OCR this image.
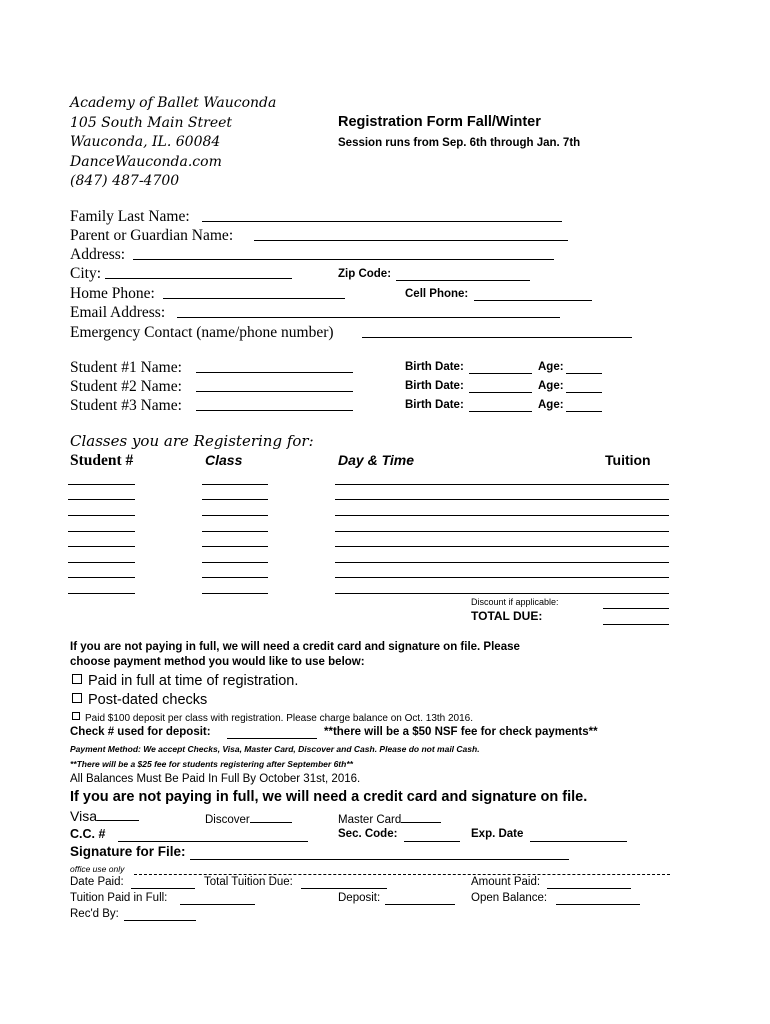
Academy of Ballet Wauconda
105 South Main Street
Wauconda, IL. 60084
DanceWauconda.com
(847) 487-4700
Registration Form Fall/Winter
Session runs from Sep. 6th through Jan. 7th
Family Last Name:
Parent or Guardian Name:
Address:
City:	Zip Code:
Home Phone:	Cell Phone:
Email Address:
Emergency Contact (name/phone number)
Student #1 Name:	Birth Date:	Age:
Student #2 Name:	Birth Date:	Age:
Student #3 Name:	Birth Date:	Age:
Classes you are Registering for:
Student #	Class	Day & Time	Tuition
Discount if applicable:
TOTAL DUE:
If you are not paying in full, we will need a credit card and signature on file. Please
choose payment method you would like to use below:
Paid in full at time of registration.
Post-dated checks
Paid $100 deposit per class with registration. Please charge balance on Oct. 13th 2016.
Check # used for deposit:	**there will be a $50 NSF fee for check payments**
Payment Method: We accept Checks, Visa, Master Card, Discover and Cash. Please do not mail Cash.
**There will be a $25 fee for students registering after September 6th**
All Balances Must Be Paid In Full By October 31st, 2016.
If you are not paying in full, we will need a credit card and signature on file.
Visa	Discover	Master Card
C.C. #	Sec. Code:	Exp. Date
Signature for File:
office use only
Date Paid:	Total Tuition Due:	Amount Paid:
Tuition Paid in Full:	Deposit:	Open Balance:
Rec'd By:
